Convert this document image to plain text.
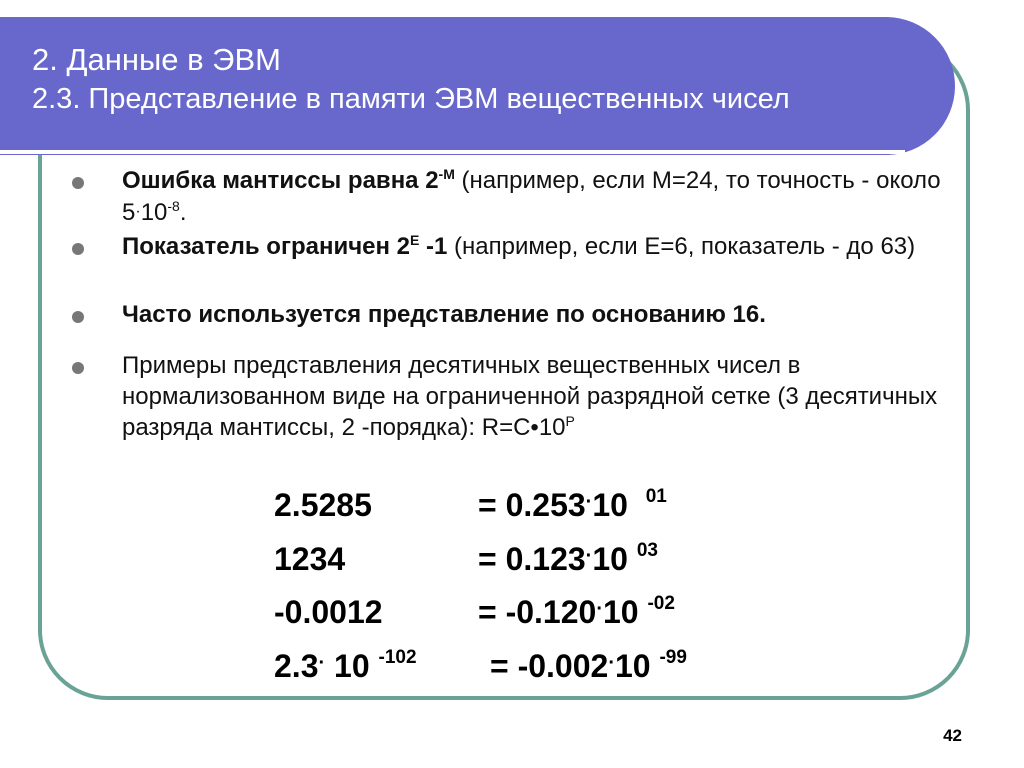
2. Данные в ЭВМ
2.3. Представление в памяти ЭВМ вещественных чисел
Ошибка мантиссы равна $2^{-M}$ (например, если М=24, то точность - около $5\cdot 10^{-8}$.
Показатель ограничен $2^E$ -1 (например, если Е=6, показатель - до 63)
Часто используется представление по основанию 16.
Примеры представления десятичных вещественных чисел в нормализованном виде на ограниченной разрядной сетке (3 десятичных разряда мантиссы, 2 -порядка): $R=C•10^P$
2.5285	= 0.253·10 $^{01}$
1234	= 0.123·10 $^{03}$
-0.0012	= -0.120·10 $^{-02}$
2.3· 10 $^{-102}$ = -0.002·10 $^{-99}$
42
